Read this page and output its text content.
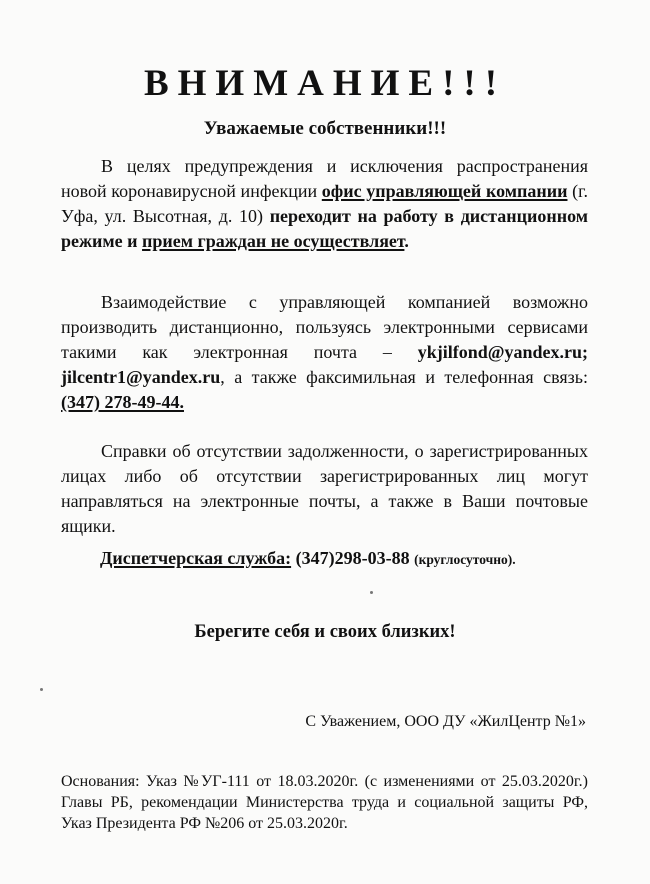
ВНИМАНИЕ!!!
Уважаемые собственники!!!
В целях предупреждения и исключения распространения новой коронавирусной инфекции офис управляющей компании (г. Уфа, ул. Высотная, д. 10) переходит на работу в дистанционном режиме и прием граждан не осуществляет.
Взаимодействие с управляющей компанией возможно производить дистанционно, пользуясь электронными сервисами такими как электронная почта – ykjilfond@yandex.ru; jilcentr1@yandex.ru, а также факсимильная и телефонная связь: (347) 278-49-44.
Справки об отсутствии задолженности, о зарегистрированных лицах либо об отсутствии зарегистрированных лиц могут направляться на электронные почты, а также в Ваши почтовые ящики.
Диспетчерская служба: (347)298-03-88 (круглосуточно).
Берегите себя и своих близких!
С Уважением, ООО ДУ «ЖилЦентр №1»
Основания: Указ №УГ-111 от 18.03.2020г. (с изменениями от 25.03.2020г.) Главы РБ, рекомендации Министерства труда и социальной защиты РФ, Указ Президента РФ №206 от 25.03.2020г.
